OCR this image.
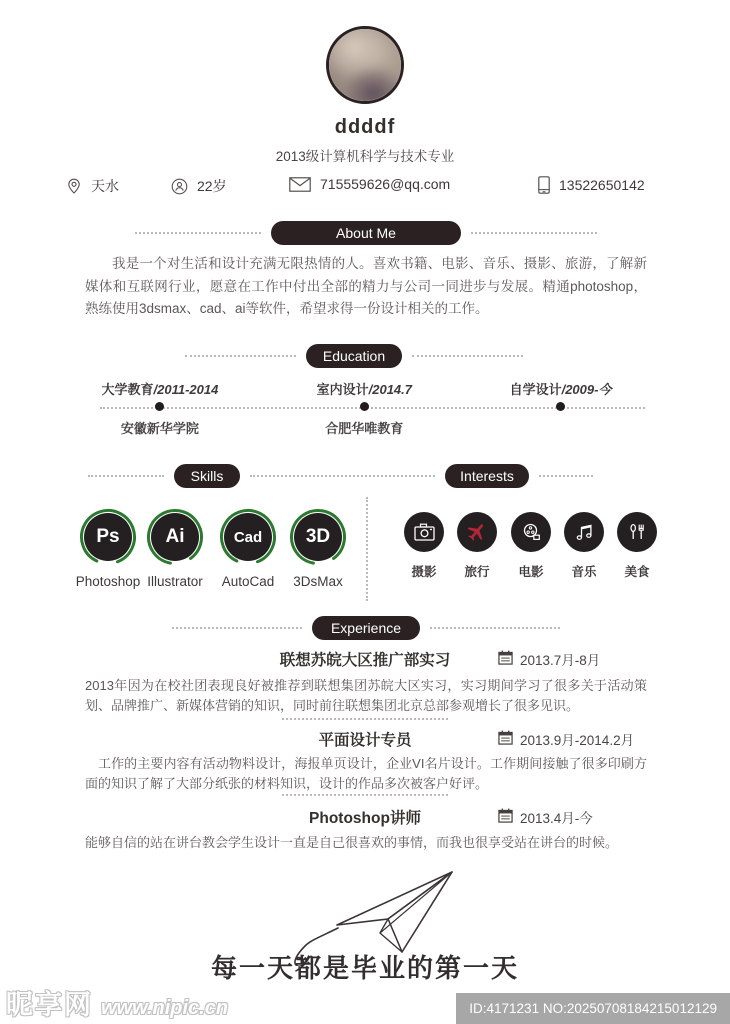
ddddf
2013级计算机科学与技术专业
天水	22岁	715559626@qq.com	13522650142
About Me
我是一个对生活和设计充满无限热情的人。喜欢书籍、电影、音乐、摄影、旅游，了解新媒体和互联网行业，愿意在工作中付出全部的精力与公司一同进步与发展。精通photoshop，熟练使用3dsmax、cad、ai等软件，希望求得一份设计相关的工作。
Education
大学教育/2011-2014
安徽新华学院
室内设计/2014.7
合肥华唯教育
自学设计/2009-今
Skills	Interests
Ps
Photoshop
Ai
Illustrator
Cad
AutoCad
3D
3DsMax
摄影	旅行	电影	音乐	美食
Experience
联想苏皖大区推广部实习	2013.7月-8月
2013年因为在校社团表现良好被推荐到联想集团苏皖大区实习，实习期间学习了很多关于活动策划、品牌推广、新媒体营销的知识，同时前往联想集团北京总部参观增长了很多见识。
平面设计专员	2013.9月-2014.2月
工作的主要内容有活动物料设计，海报单页设计，企业VI名片设计。工作期间接触了很多印刷方面的知识了解了大部分纸张的材料知识，设计的作品多次被客户好评。
Photoshop讲师	2013.4月-今
能够自信的站在讲台教会学生设计一直是自己很喜欢的事情，而我也很享受站在讲台的时候。
每一天都是毕业的第一天
昵享网 www.nipic.cn	ID:4171231 NO:20250708184215012129
